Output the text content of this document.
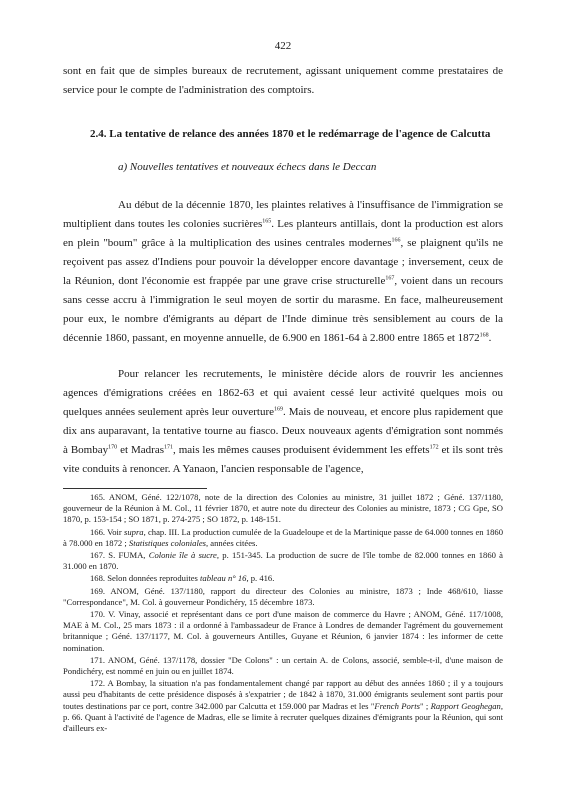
422

sont en fait que de simples bureaux de recrutement, agissant uniquement comme prestataires de service pour le compte de l'administration des comptoirs.

2.4. La tentative de relance des années 1870 et le redémarrage de l'agence de Calcutta

a) Nouvelles tentatives et nouveaux échecs dans le Deccan

Au début de la décennie 1870, les plaintes relatives à l'insuffisance de l'immigration se multiplient dans toutes les colonies sucrières$^{165}$. Les planteurs antillais, dont la production est alors en plein "boum" grâce à la multiplication des usines centrales modernes$^{166}$, se plaignent qu'ils ne reçoivent pas assez d'Indiens pour pouvoir la développer encore davantage ; inversement, ceux de la Réunion, dont l'économie est frappée par une grave crise structurelle$^{167}$, voient dans un recours sans cesse accru à l'immigration le seul moyen de sortir du marasme. En face, malheureusement pour eux, le nombre d'émigrants au départ de l'Inde diminue très sensiblement au cours de la décennie 1860, passant, en moyenne annuelle, de 6.900 en 1861-64 à 2.800 entre 1865 et 1872$^{168}$.

Pour relancer les recrutements, le ministère décide alors de rouvrir les anciennes agences d'émigrations créées en 1862-63 et qui avaient cessé leur activité quelques mois ou quelques années seulement après leur ouverture$^{169}$. Mais de nouveau, et encore plus rapidement que dix ans auparavant, la tentative tourne au fiasco. Deux nouveaux agents d'émigration sont nommés à Bombay$^{170}$ et Madras$^{171}$, mais les mêmes causes produisent évidemment les effets$^{172}$ et ils sont très vite conduits à renoncer. A Yanaon, l'ancien responsable de l'agence,

165. ANOM, Géné. 122/1078, note de la direction des Colonies au ministre, 31 juillet 1872 ; Géné. 137/1180, gouverneur de la Réunion à M. Col., 11 février 1870, et autre note du directeur des Colonies au ministre, 1873 ; CG Gpe, SO 1870, p. 153-154 ; SO 1871, p. 274-275 ; SO 1872, p. 148-151.

166. Voir supra, chap. III. La production cumulée de la Guadeloupe et de la Martinique passe de 64.000 tonnes en 1860 à 78.000 en 1872 ; Statistiques coloniales, années citées.

167. S. FUMA, Colonie île à sucre, p. 151-345. La production de sucre de l'île tombe de 82.000 tonnes en 1860 à 31.000 en 1870.

168. Selon données reproduites tableau n° 16, p. 416.

169. ANOM, Géné. 137/1180, rapport du directeur des Colonies au ministre, 1873 ; Inde 468/610, liasse "Correspondance", M. Col. à gouverneur Pondichéry, 15 décembre 1873.

170. V. Vinay, associé et représentant dans ce port d'une maison de commerce du Havre ; ANOM, Géné. 117/1008, MAE à M. Col., 25 mars 1873 : il a ordonné à l'ambassadeur de France à Londres de demander l'agrément du gouvernement britannique ; Géné. 137/1177, M. Col. à gouverneurs Antilles, Guyane et Réunion, 6 janvier 1874 : les informer de cette nomination.

171. ANOM, Géné. 137/1178, dossier "De Colons" : un certain A. de Colons, associé, semble-t-il, d'une maison de Pondichéry, est nommé en juin ou en juillet 1874.

172. A Bombay, la situation n'a pas fondamentalement changé par rapport au début des années 1860 ; il y a toujours aussi peu d'habitants de cette présidence disposés à s'expatrier ; de 1842 à 1870, 31.000 émigrants seulement sont partis pour toutes destinations par ce port, contre 342.000 par Calcutta et 159.000 par Madras et les "French Ports" ; Rapport Geoghegan, p. 66. Quant à l'activité de l'agence de Madras, elle se limite à recruter quelques dizaines d'émigrants pour la Réunion, qui sont d'ailleurs ex-
